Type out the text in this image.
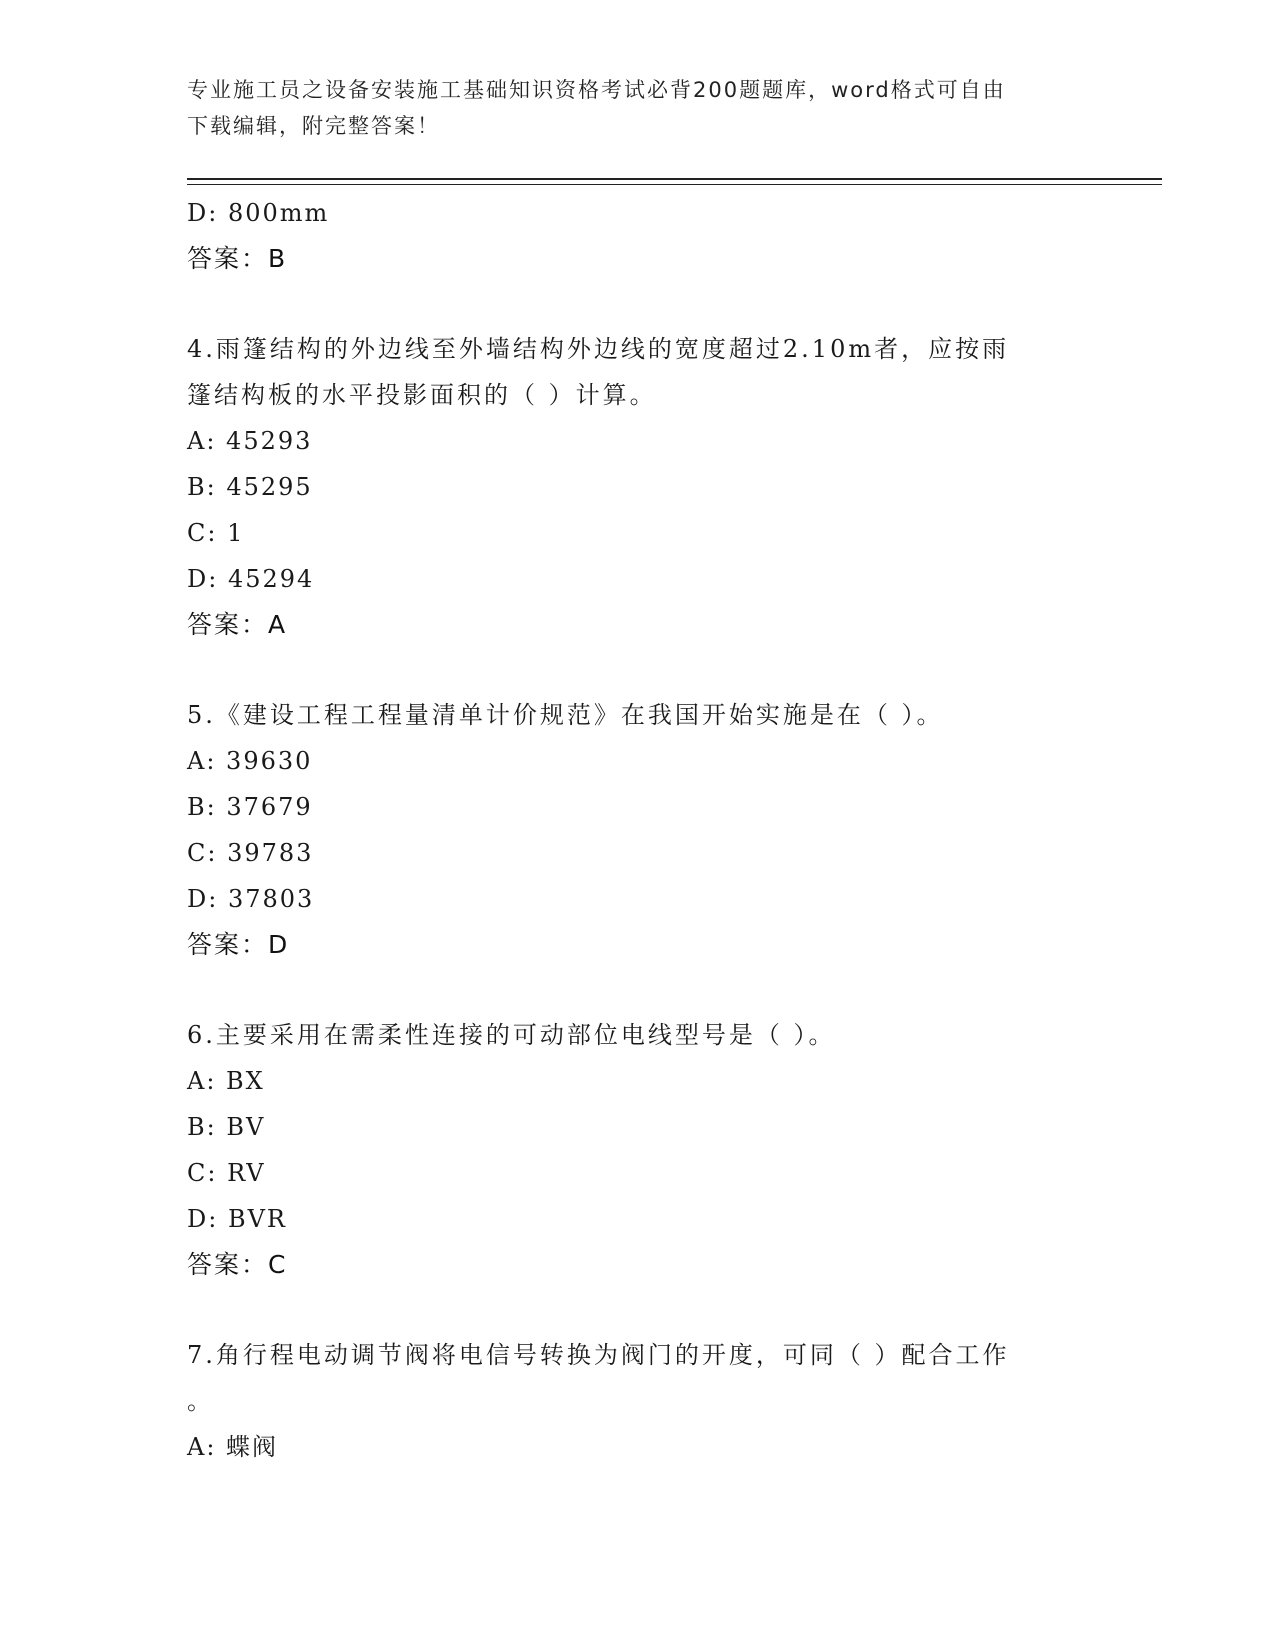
专业施工员之设备安装施工基础知识资格考试必背200题题库，word格式可自由
下载编辑，附完整答案！
D: 800mm
答案：B
4.雨篷结构的外边线至外墙结构外边线的宽度超过2.10m者，应按雨
篷结构板的水平投影面积的（ ）计算。
A: 45293
B: 45295
C: 1
D: 45294
答案：A
5.《建设工程工程量清单计价规范》在我国开始实施是在（ ）。
A: 39630
B: 37679
C: 39783
D: 37803
答案：D
6.主要采用在需柔性连接的可动部位电线型号是（ ）。
A: BX
B: BV
C: RV
D: BVR
答案：C
7.角行程电动调节阀将电信号转换为阀门的开度，可同（ ）配合工作
。
A: 蝶阀
